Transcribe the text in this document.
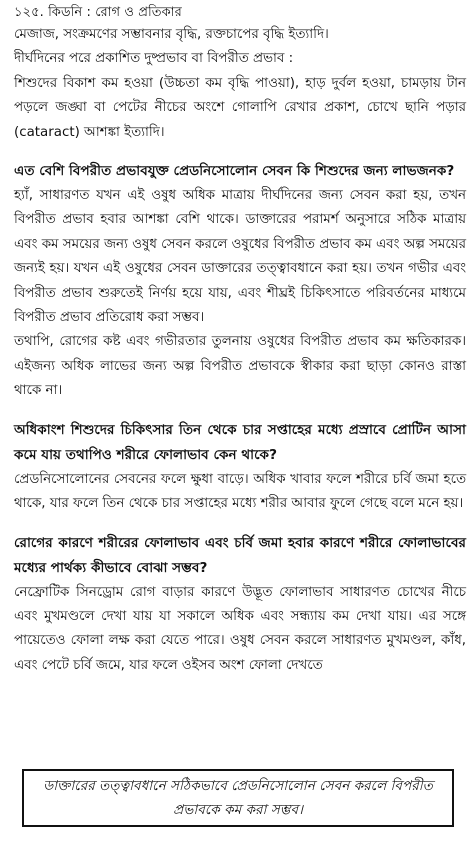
১২৫. কিডনি : রোগ ও প্রতিকার

মেজাজ, সংক্রমণের সম্ভাবনার বৃদ্ধি, রক্তচাপের বৃদ্ধি ইত্যাদি।

দীর্ঘদিনের পরে প্রকাশিত দুষ্প্রভাব বা বিপরীত প্রভাব :

শিশুদের বিকাশ কম হওয়া (উচ্চতা কম বৃদ্ধি পাওয়া), হাড় দুর্বল হওয়া, চামড়ায় টান পড়লে জঙ্ঘা বা পেটের নীচের অংশে গোলাপি রেখার প্রকাশ, চোখে ছানি পড়ার (cataract) আশঙ্কা ইত্যাদি।

এত বেশি বিপরীত প্রভাবযুক্ত প্রেডনিসোলোন সেবন কি শিশুদের জন্য লাভজনক?

হ্যাঁ, সাধারণত যখন এই ওষুধ অধিক মাত্রায় দীর্ঘদিনের জন্য সেবন করা হয়, তখন বিপরীত প্রভাব হবার আশঙ্কা বেশি থাকে। ডাক্তারের পরামর্শ অনুসারে সঠিক মাত্রায় এবং কম সময়ের জন্য ওষুধ সেবন করলে ওষুধের বিপরীত প্রভাব কম এবং অল্প সময়ের জন্যই হয়। যখন এই ওষুধের সেবন ডাক্তারের তত্ত্বাবধানে করা হয়। তখন গভীর এবং বিপরীত প্রভাব শুরুতেই নির্ণয় হয়ে যায়, এবং শীঘ্রই চিকিৎসাতে পরিবর্তনের মাধ্যমে বিপরীত প্রভাব প্রতিরোধ করা সম্ভব।

তথাপি, রোগের কষ্ট এবং গভীরতার তুলনায় ওষুধের বিপরীত প্রভাব কম ক্ষতিকারক। এইজন্য অধিক লাভের জন্য অল্প বিপরীত প্রভাবকে স্বীকার করা ছাড়া কোনও রাস্তা থাকে না।

অধিকাংশ শিশুদের চিকিৎসার তিন থেকে চার সপ্তাহের মধ্যে প্রস্রাবে প্রোটিন আসা কমে যায় তথাপিও শরীরে ফোলাভাব কেন থাকে?

প্রেডনিসোলোনের সেবনের ফলে ক্ষুধা বাড়ে। অধিক খাবার ফলে শরীরে চর্বি জমা হতে থাকে, যার ফলে তিন থেকে চার সপ্তাহের মধ্যে শরীর আবার ফুলে গেছে বলে মনে হয়।

রোগের কারণে শরীরের ফোলাভাব এবং চর্বি জমা হবার কারণে শরীরে ফোলাভাবের মধ্যের পার্থক্য কীভাবে বোঝা সম্ভব?

নেফ্রোটিক সিনড্রোম রোগ বাড়ার কারণে উদ্ভূত ফোলাভাব সাধারণত চোখের নীচে এবং মুখমণ্ডলে দেখা যায় যা সকালে অধিক এবং সন্ধ্যায় কম দেখা যায়। এর সঙ্গে পায়েতেও ফোলা লক্ষ করা যেতে পারে। ওষুধ সেবন করলে সাধারণত মুখমণ্ডল, কাঁধ, এবং পেটে চর্বি জমে, যার ফলে ওইসব অংশ ফোলা দেখতে

ডাক্তারের তত্ত্বাবধানে সঠিকভাবে প্রেডনিসোলোন সেবন করলে বিপরীত প্রভাবকে কম করা সম্ভব।
